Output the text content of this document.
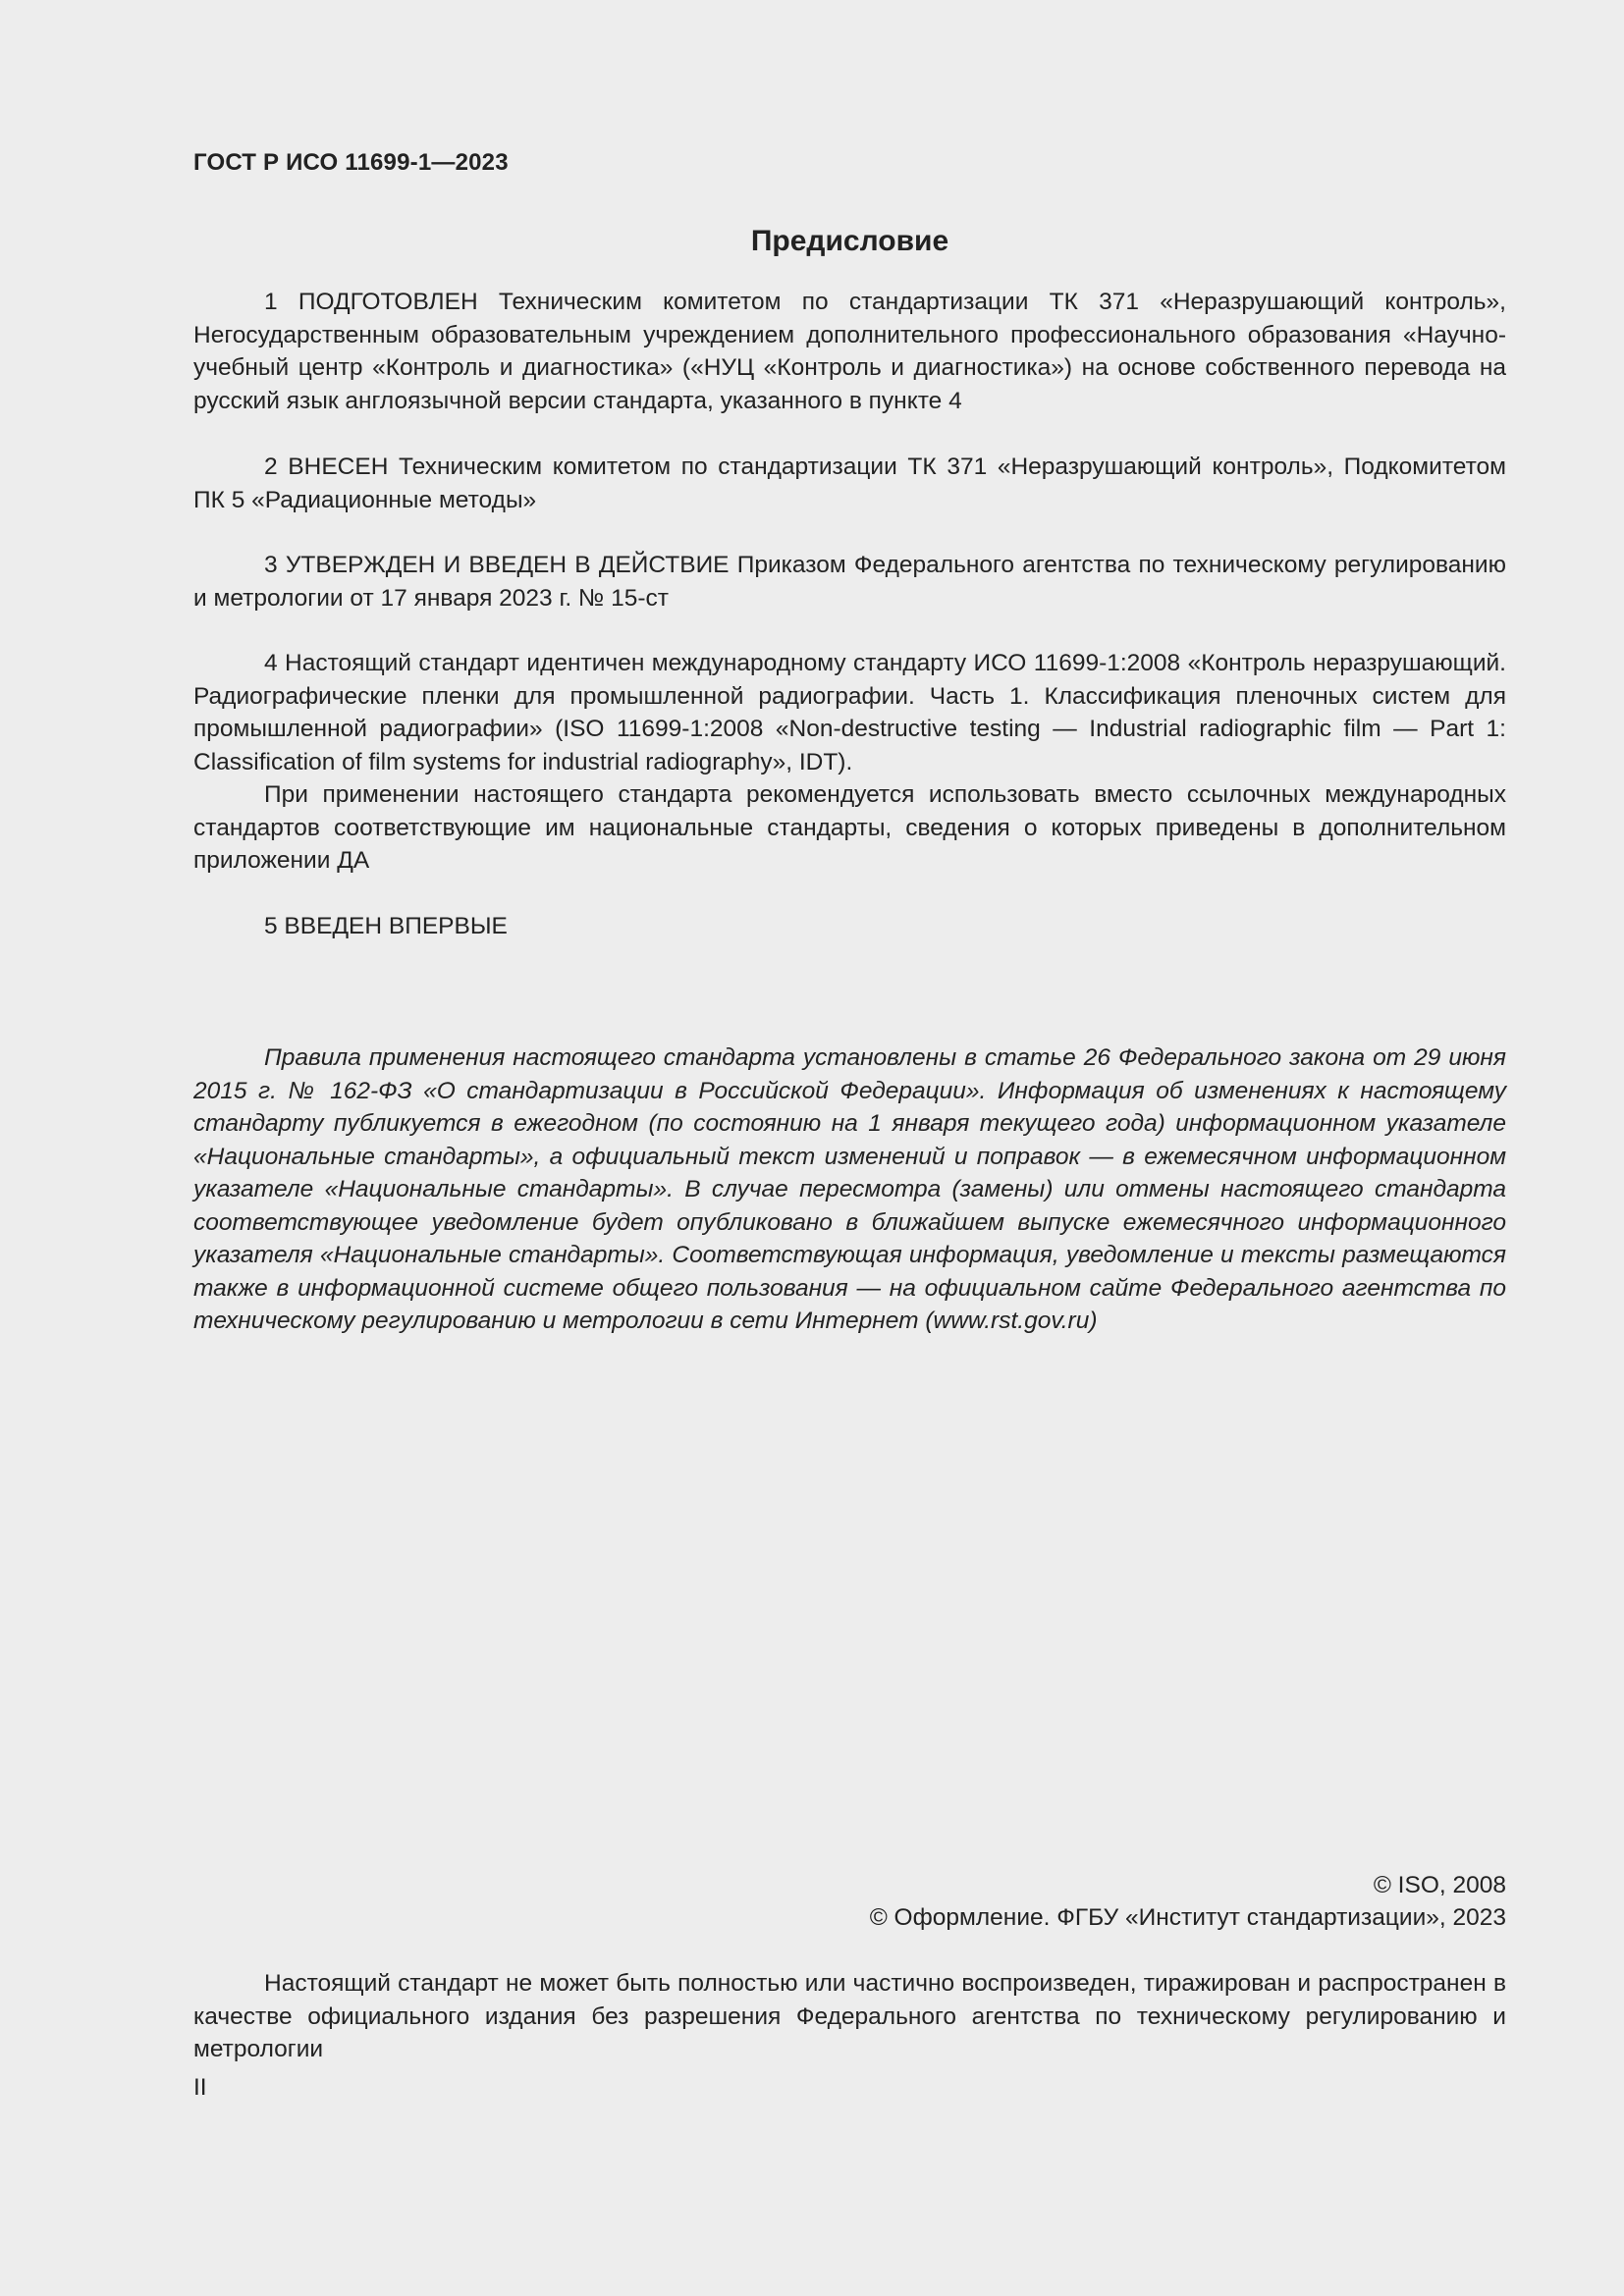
ГОСТ Р ИСО 11699-1—2023
Предисловие

1 ПОДГОТОВЛЕН Техническим комитетом по стандартизации ТК 371 «Неразрушающий контроль», Негосударственным образовательным учреждением дополнительного профессионального образования «Научно-учебный центр «Контроль и диагностика» («НУЦ «Контроль и диагностика») на основе собственного перевода на русский язык англоязычной версии стандарта, указанного в пункте 4

2 ВНЕСЕН Техническим комитетом по стандартизации ТК 371 «Неразрушающий контроль», Подкомитетом ПК 5 «Радиационные методы»

3 УТВЕРЖДЕН И ВВЕДЕН В ДЕЙСТВИЕ Приказом Федерального агентства по техническому регулированию и метрологии от 17 января 2023 г. № 15-ст

4 Настоящий стандарт идентичен международному стандарту ИСО 11699-1:2008 «Контроль неразрушающий. Радиографические пленки для промышленной радиографии. Часть 1. Классификация пленочных систем для промышленной радиографии» (ISO 11699-1:2008 «Non-destructive testing — Industrial radiographic film — Part 1: Classification of film systems for industrial radiography», IDT).

При применении настоящего стандарта рекомендуется использовать вместо ссылочных международных стандартов соответствующие им национальные стандарты, сведения о которых приведены в дополнительном приложении ДА

5 ВВЕДЕН ВПЕРВЫЕ

Правила применения настоящего стандарта установлены в статье 26 Федерального закона от 29 июня 2015 г. № 162-ФЗ «О стандартизации в Российской Федерации». Информация об изменениях к настоящему стандарту публикуется в ежегодном (по состоянию на 1 января текущего года) информационном указателе «Национальные стандарты», а официальный текст изменений и поправок — в ежемесячном информационном указателе «Национальные стандарты». В случае пересмотра (замены) или отмены настоящего стандарта соответствующее уведомление будет опубликовано в ближайшем выпуске ежемесячного информационного указателя «Национальные стандарты». Соответствующая информация, уведомление и тексты размещаются также в информационной системе общего пользования — на официальном сайте Федерального агентства по техническому регулированию и метрологии в сети Интернет (www.rst.gov.ru)

© ISO, 2008
© Оформление. ФГБУ «Институт стандартизации», 2023

Настоящий стандарт не может быть полностью или частично воспроизведен, тиражирован и распространен в качестве официального издания без разрешения Федерального агентства по техническому регулированию и метрологии

II
